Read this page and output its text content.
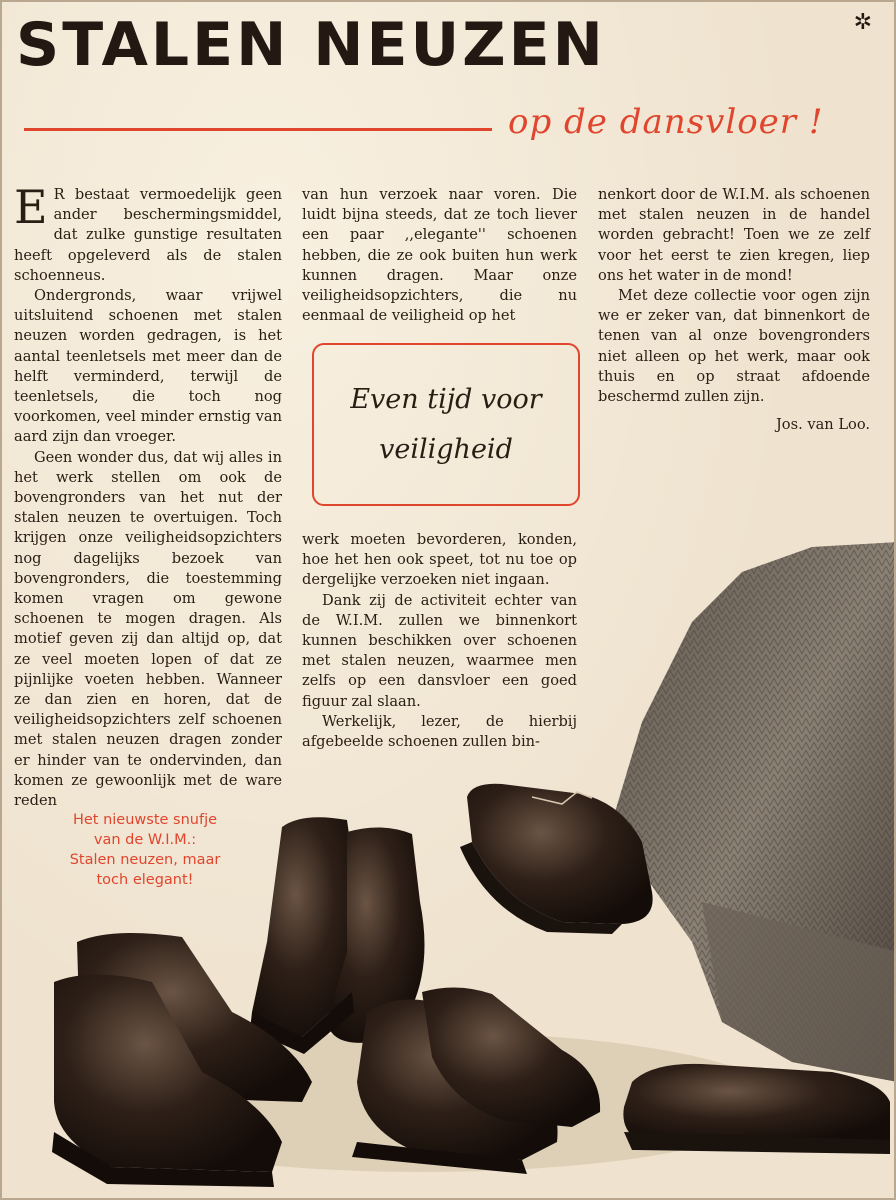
STALEN NEUZEN	✲
op de dansvloer !

E R bestaat vermoedelijk geen ander beschermingsmiddel, dat zulke gunstige resultaten heeft opgeleverd als de stalen schoenneus.

Ondergronds, waar vrijwel uitsluitend schoenen met stalen neuzen worden gedragen, is het aantal teenletsels met meer dan de helft verminderd, terwijl de teenletsels, die toch nog voorkomen, veel minder ernstig van aard zijn dan vroeger.

Geen wonder dus, dat wij alles in het werk stellen om ook de bovengronders van het nut der stalen neuzen te overtuigen. Toch krijgen onze veiligheidsopzichters nog dagelijks bezoek van bovengronders, die toestemming komen vragen om gewone schoenen te mogen dragen. Als motief geven zij dan altijd op, dat ze veel moeten lopen of dat ze pijnlijke voeten hebben. Wanneer ze dan zien en horen, dat de veiligheidsopzichters zelf schoenen met stalen neuzen dragen zonder er hinder van te ondervinden, dan komen ze gewoonlijk met de ware reden

van hun verzoek naar voren. Die luidt bijna steeds, dat ze toch liever een paar ,,elegante'' schoenen hebben, die ze ook buiten hun werk kunnen dragen. Maar onze veiligheidsopzichters, die nu eenmaal de veiligheid op het

Even tijd voor
veiligheid

werk moeten bevorderen, konden, hoe het hen ook speet, tot nu toe op dergelijke verzoeken niet ingaan.

Dank zij de activiteit echter van de W.I.M. zullen we binnenkort kunnen beschikken over schoenen met stalen neuzen, waarmee men zelfs op een dansvloer een goed figuur zal slaan.

Werkelijk, lezer, de hierbij afgebeelde schoenen zullen bin-

nenkort door de W.I.M. als schoenen met stalen neuzen in de handel worden gebracht! Toen we ze zelf voor het eerst te zien kregen, liep ons het water in de mond!

Met deze collectie voor ogen zijn we er zeker van, dat binnenkort de tenen van al onze bovengronders niet alleen op het werk, maar ook thuis en op straat afdoende beschermd zullen zijn.

Jos. van Loo.

Het nieuwste snufje
van de W.I.M.:
Stalen neuzen, maar
toch elegant!
